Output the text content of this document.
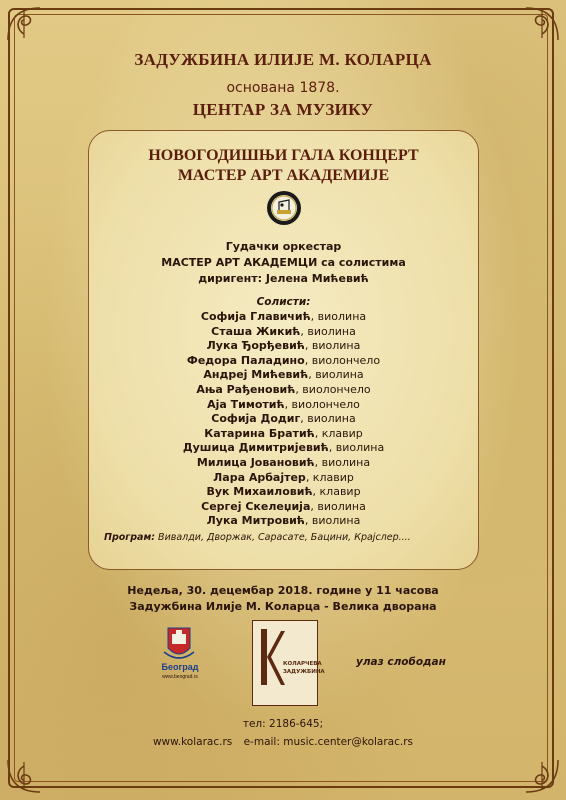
ЗАДУЖБИНА ИЛИЈЕ М. КОЛАРЦА
основана 1878.
ЦЕНТАР ЗА МУЗИКУ
НОВОГОДИШЊИ ГАЛА КОНЦЕРТ
МАСТЕР АРТ АКАДЕМИЈЕ
Гудачки оркестар
МАСТЕР АРТ АКАДЕМЦИ са солистима
диригент: Јелена Мићевић
Солисти:
Софија Главичић, виолина
Сташа Жикић, виолина
Лука Ђорђевић, виолина
Федора Паладино, виолончело
Андреј Мићевић, виолина
Ања Рађеновић, виолончело
Аја Тимотић, виолончело
Софија Додиг, виолина
Катарина Братић, клавир
Душица Димитријевић, виолина
Милица Јовановић, виолина
Лара Арбајтер, клавир
Вук Михаиловић, клавир
Сергеј Скелеџија, виолина
Лука Митровић, виолина
Програм: Вивалди, Дворжак, Сарасате, Бацини, Крајслер....
Недеља, 30. децембар 2018. године у 11 часова
Задужбина Илије М. Коларца - Велика дворана
Београд
www.beograd.rs
КОЛАРЧЕВА
ЗАДУЖБИНА
улаз слободан
тел: 2186-645;
www.kolarac.rs e-mail: music.center@kolarac.rs
